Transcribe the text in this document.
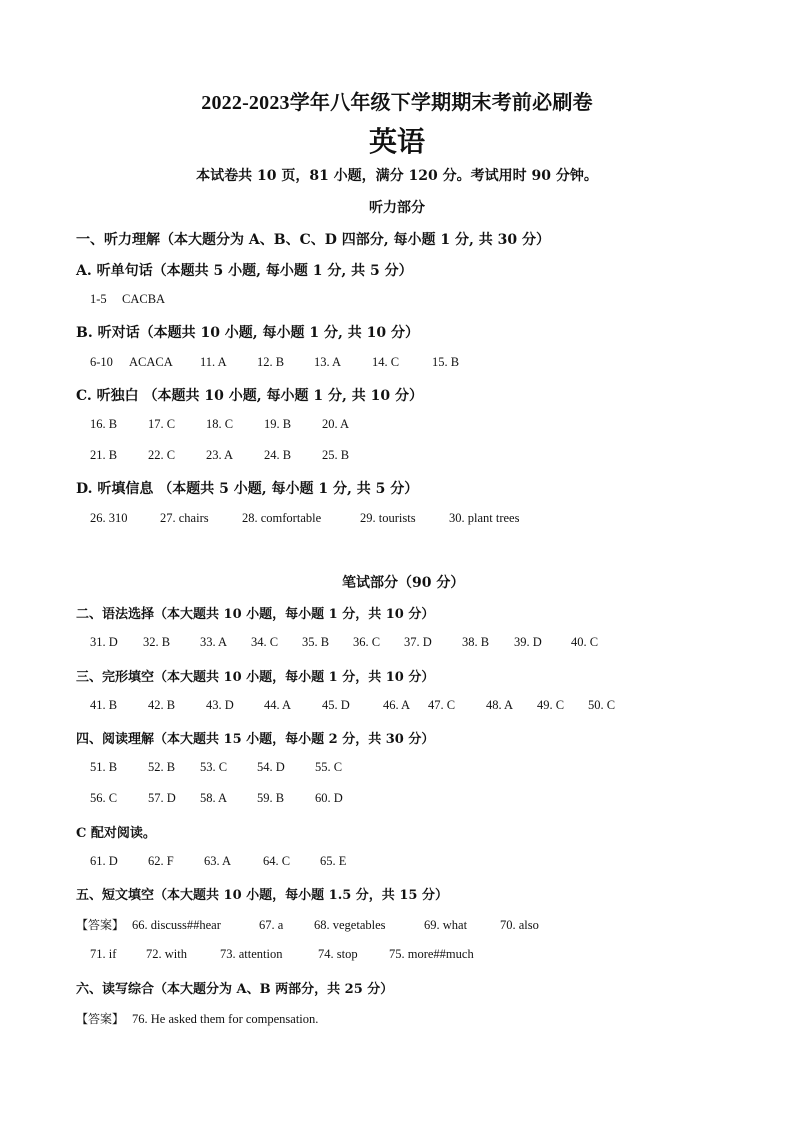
2022-2023学年八年级下学期期末考前必刷卷
英语
本试卷共 10 页，81 小题，满分 120 分。考试用时 90 分钟。
听力部分
一、听力理解（本大题分为 A、B、C、D 四部分, 每小题 1 分, 共 30 分）
A. 听单句话（本题共 5 小题, 每小题 1 分, 共 5 分）
1-5 CACBA
B. 听对话（本题共 10 小题, 每小题 1 分, 共 10 分）
6-10 ACACA 11. A 12. B 13. A 14. C	15. B
C. 听独白 （本题共 10 小题, 每小题 1 分, 共 10 分）
16. B 17. C 18. C 19. B 20. A
21. B 22. C 23. A 24. B 25. B
D. 听填信息 （本题共 5 小题, 每小题 1 分, 共 5 分）
26. 310	27. chairs	28. comfortable	29. tourists	30. plant trees
笔试部分（90 分）
二、语法选择（本大题共 10 小题，每小题 1 分，共 10 分）
31. D 32. B 33. A 34. C 35. B 36. C 37. D 38. B 39. D 40. C
三、完形填空（本大题共 10 小题，每小题 1 分，共 10 分）
41. B 42. B 43. D 44. A 45. D	46. A 47. C 48. A 49. C 50. C
四、阅读理解（本大题共 15 小题，每小题 2 分，共 30 分）
51. B 52. B 53. C 54. D 55. C
56. C 57. D 58. A 59. B 60. D
C 配对阅读。
61. D 62. F 63. A	64. C 65. E
五、短文填空（本大题共 10 小题，每小题 1.5 分，共 15 分）
【答案】 66. discuss##hear	67. a 68. vegetables	69. what	70. also
71. if 72. with	73. attention	74. stop	75. more##much
六、读写综合（本大题分为 A、B 两部分，共 25 分）
【答案】 76. He asked them for compensation.
